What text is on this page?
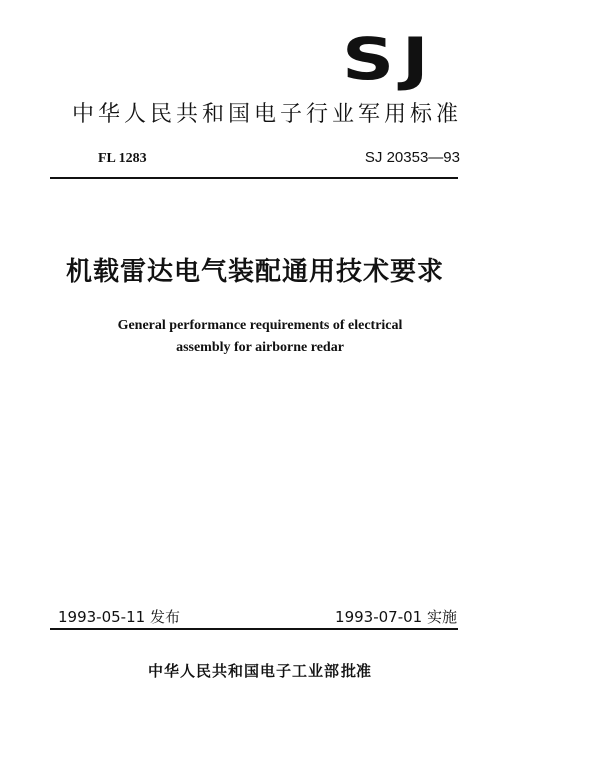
SJ
中华人民共和国电子行业军用标准
FL 1283	SJ 20353—93
机载雷达电气装配通用技术要求
General performance requirements of electrical
assembly for airborne redar
1993-05-11 发布	1993-07-01 实施
中华人民共和国电子工业部 批准
